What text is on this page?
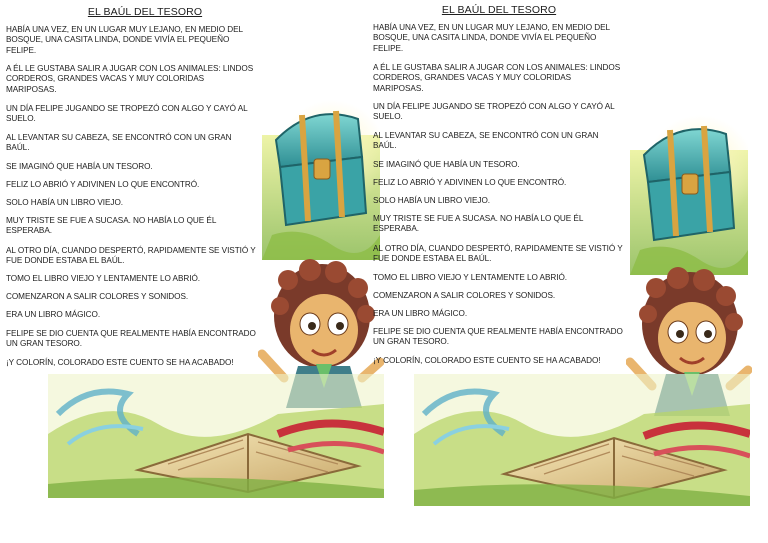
EL BAÚL DEL TESORO
HABÍA UNA VEZ, EN UN LUGAR MUY LEJANO, EN MEDIO DEL BOSQUE, UNA CASITA LINDA, DONDE VIVÍA EL PEQUEÑO FELIPE.
A ÉL LE GUSTABA SALIR A JUGAR CON LOS ANIMALES: LINDOS CORDEROS, GRANDES VACAS Y MUY COLORIDAS MARIPOSAS.
UN DÍA FELIPE JUGANDO SE TROPEZÓ CON ALGO Y CAYÓ AL SUELO.
AL LEVANTAR SU CABEZA, SE ENCONTRÓ CON UN GRAN BAÚL.
SE IMAGINÓ QUE HABÍA UN TESORO.
FELIZ LO ABRIÓ Y ADIVINEN LO QUE ENCONTRÓ.
SOLO HABÍA UN LIBRO VIEJO.
MUY TRISTE SE FUE A SUCASA. NO HABÍA LO QUE ÉL ESPERABA.
AL OTRO DÍA, CUANDO DESPERTÓ, RAPIDAMENTE SE VISTIÓ Y FUE DONDE ESTABA EL BAÚL.
TOMO EL LIBRO VIEJO Y LENTAMENTE LO ABRIÓ.
COMENZARON A SALIR COLORES Y SONIDOS.
ERA UN LIBRO MÁGICO.
FELIPE SE DIO CUENTA QUE REALMENTE HABÍA ENCONTRADO UN GRAN TESORO.
¡Y COLORÍN, COLORADO ESTE CUENTO SE HA ACABADO!
EL BAÚL DEL TESORO
HABÍA UNA VEZ, EN UN LUGAR MUY LEJANO, EN MEDIO DEL BOSQUE, UNA CASITA LINDA, DONDE VIVÍA EL PEQUEÑO FELIPE.
A ÉL LE GUSTABA SALIR A JUGAR CON LOS ANIMALES: LINDOS CORDEROS, GRANDES VACAS Y MUY COLORIDAS MARIPOSAS.
UN DÍA FELIPE JUGANDO SE TROPEZÓ CON ALGO Y CAYÓ AL SUELO.
AL LEVANTAR SU CABEZA, SE ENCONTRÓ CON UN GRAN BAÚL.
SE IMAGINÓ QUE HABÍA UN TESORO.
FELIZ LO ABRIÓ Y ADIVINEN LO QUE ENCONTRÓ.
SOLO HABÍA UN LIBRO VIEJO.
MUY TRISTE SE FUE A SUCASA. NO HABÍA LO QUE ÉL ESPERABA.
AL OTRO DÍA, CUANDO DESPERTÓ, RAPIDAMENTE SE VISTIÓ Y FUE DONDE ESTABA EL BAÚL.
TOMO EL LIBRO VIEJO Y LENTAMENTE LO ABRIÓ.
COMENZARON A SALIR COLORES Y SONIDOS.
ERA UN LIBRO MÁGICO.
FELIPE SE DIO CUENTA QUE REALMENTE HABÍA ENCONTRADO UN GRAN TESORO.
¡Y COLORÍN, COLORADO ESTE CUENTO SE HA ACABADO!
